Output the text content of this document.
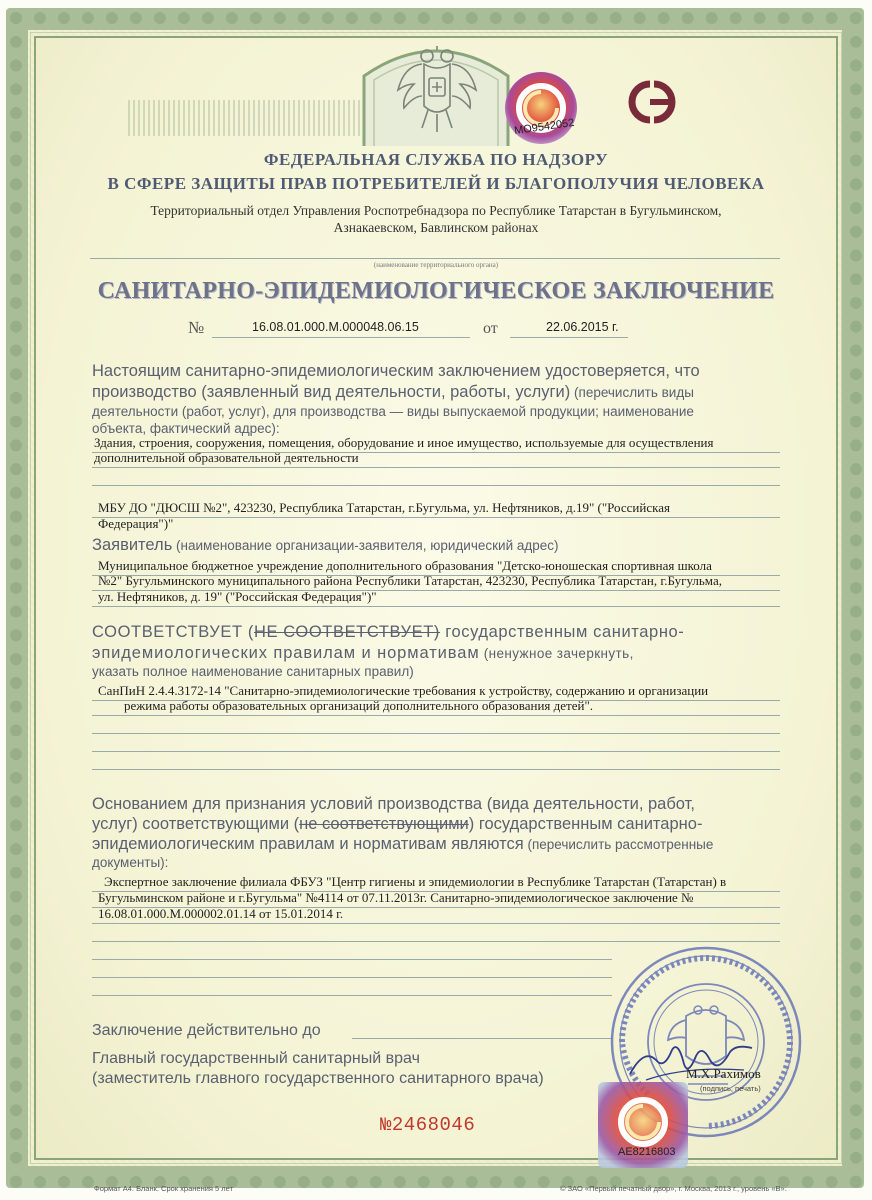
MO9542052
ФЕДЕРАЛЬНАЯ СЛУЖБА ПО НАДЗОРУ
В СФЕРЕ ЗАЩИТЫ ПРАВ ПОТРЕБИТЕЛЕЙ И БЛАГОПОЛУЧИЯ ЧЕЛОВЕКА
Территориальный отдел Управления Роспотребнадзора по Республике Татарстан в Бугульминском,
Азнакаевском, Бавлинском районах
(наименование территориального органа)
САНИТАРНО-ЭПИДЕМИОЛОГИЧЕСКОЕ ЗАКЛЮЧЕНИЕ
№	16.08.01.000.М.000048.06.15	от	22.06.2015 г.
Настоящим санитарно-эпидемиологическим заключением удостоверяется, что
производство (заявленный вид деятельности, работы, услуги) (перечислить виды
деятельности (работ, услуг), для производства — виды выпускаемой продукции; наименование
объекта, фактический адрес):
Здания, строения, сооружения, помещения, оборудование и иное имущество, используемые для осуществления
дополнительной образовательной деятельности
МБУ ДО "ДЮСШ №2", 423230, Республика Татарстан, г.Бугульма, ул. Нефтяников, д.19" ("Российская
Федерация")"
Заявитель (наименование организации-заявителя, юридический адрес)
Муниципальное бюджетное учреждение дополнительного образования "Детско-юношеская спортивная школа
№2" Бугульминского муниципального района Республики Татарстан, 423230, Республика Татарстан, г.Бугульма,
ул. Нефтяников, д. 19" ("Российская Федерация")"
СООТВЕТСТВУЕТ (НЕ СООТВЕТСТВУЕТ) государственным санитарно-
эпидемиологических правилам и нормативам (ненужное зачеркнуть,
указать полное наименование санитарных правил)
СанПиН 2.4.4.3172-14 "Санитарно-эпидемиологические требования к устройству, содержанию и организации
режима работы образовательных организаций дополнительного образования детей".
Основанием для признания условий производства (вида деятельности, работ,
услуг) соответствующими (не соответствующими) государственным санитарно-
эпидемиологическим правилам и нормативам являются (перечислить рассмотренные
документы):
Экспертное заключение филиала ФБУЗ "Центр гигиены и эпидемиологии в Республике Татарстан (Татарстан) в
Бугульминском районе и г.Бугульма" №4114 от 07.11.2013г. Санитарно-эпидемиологическое заключение №
16.08.01.000.М.000002.01.14 от 15.01.2014 г.
Заключение действительно до
Главный государственный санитарный врач
(заместитель главного государственного санитарного врача)	М.Х.Рахимов
(подпись, печать)
AE8216803
№2468046
Формат А4. Бланк. Срок хранения 5 лет	© ЗАО «Первый печатный двор», г. Москва, 2013 г., уровень «В».
